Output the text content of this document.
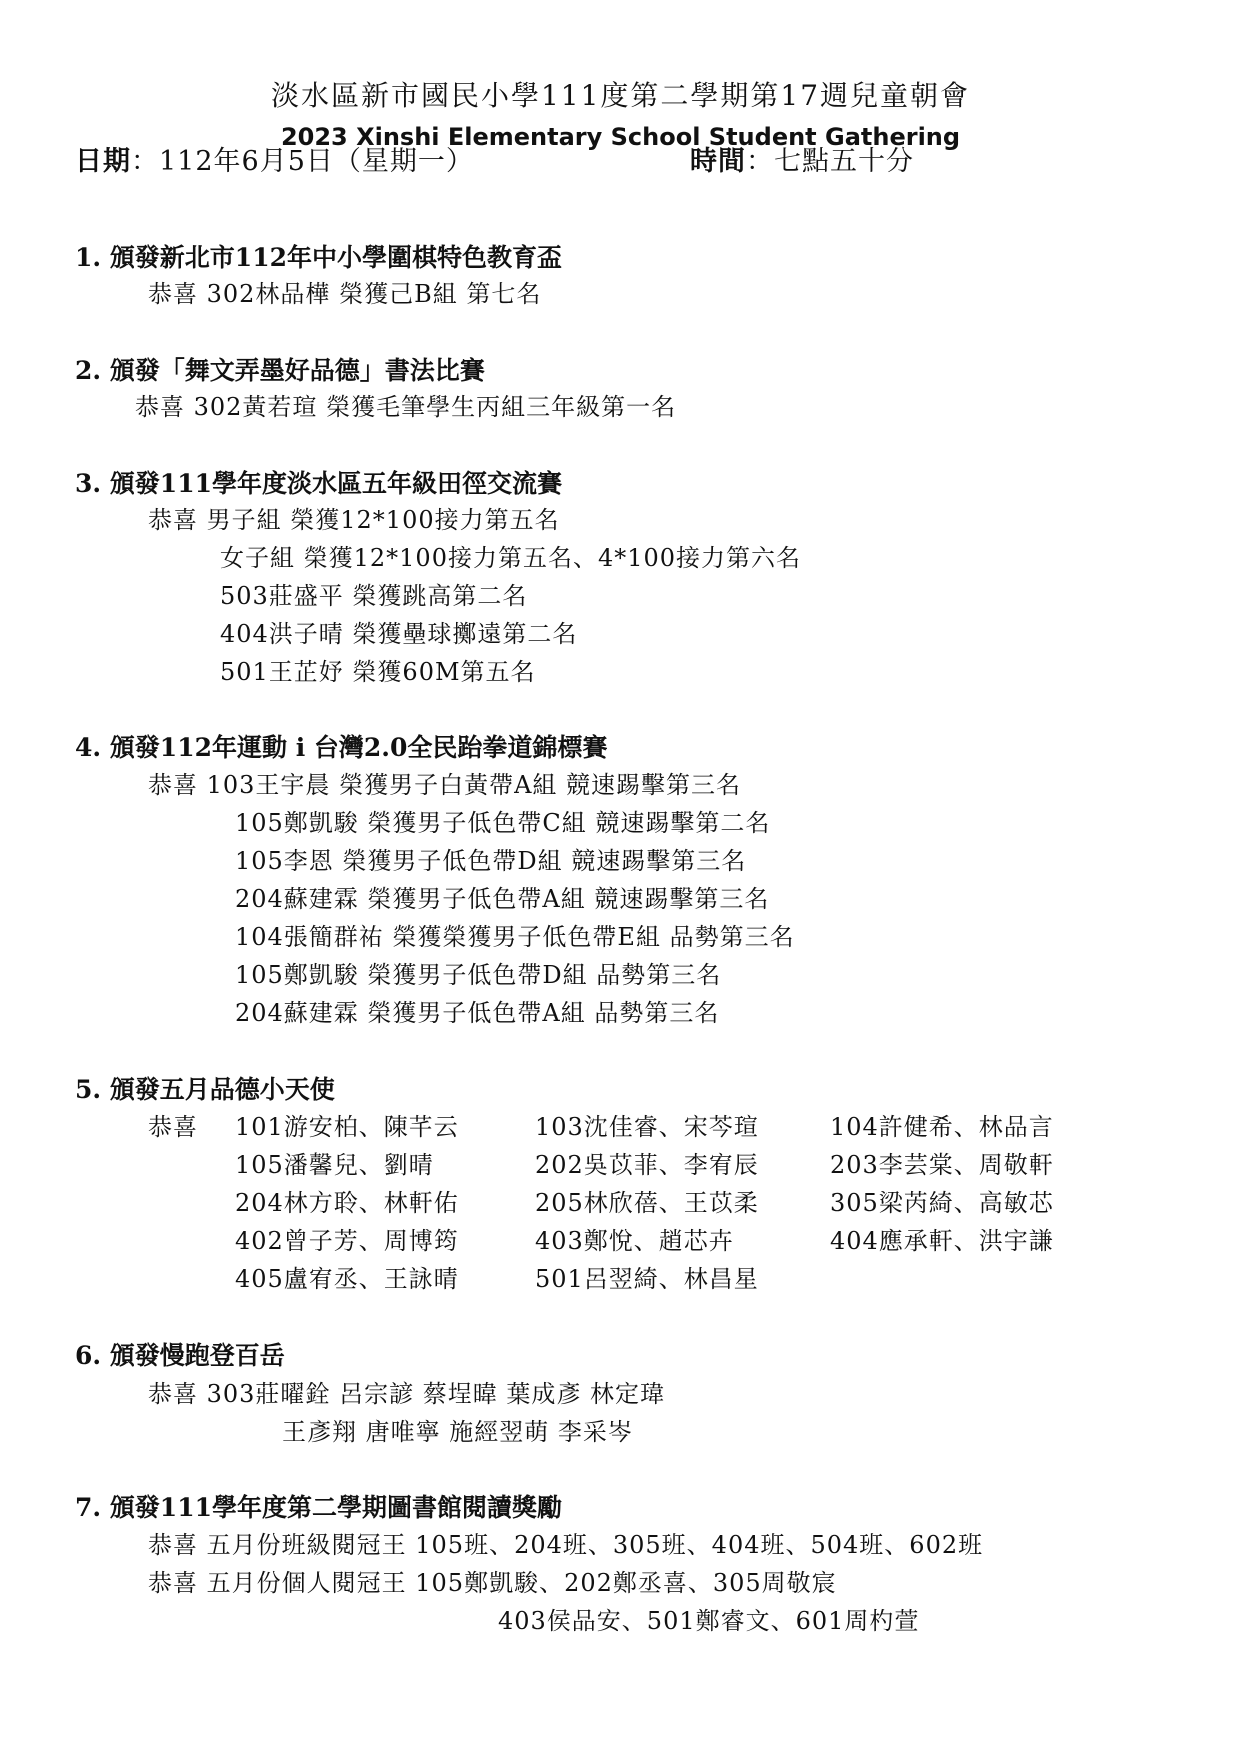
淡水區新市國民小學111度第二學期第17週兒童朝會
2023 Xinshi Elementary School Student Gathering
日期：112年6月5日（星期一）	時間：七點五十分
1. 頒發新北市112年中小學圍棋特色教育盃
恭喜 302林品樺 榮獲己B組 第七名
2. 頒發「舞文弄墨好品德」書法比賽
恭喜 302黃若瑄 榮獲毛筆學生丙組三年級第一名
3. 頒發111學年度淡水區五年級田徑交流賽
恭喜 男子組 榮獲12*100接力第五名
女子組 榮獲12*100接力第五名、4*100接力第六名
503莊盛平 榮獲跳高第二名
404洪子晴 榮獲壘球擲遠第二名
501王芷妤 榮獲60M第五名
4. 頒發112年運動 i 台灣2.0全民跆拳道錦標賽
恭喜 103王宇晨 榮獲男子白黃帶A組 競速踢擊第三名
105鄭凱駿 榮獲男子低色帶C組 競速踢擊第二名
105李恩 榮獲男子低色帶D組 競速踢擊第三名
204蘇建霖 榮獲男子低色帶A組 競速踢擊第三名
104張簡群祐 榮獲榮獲男子低色帶E組 品勢第三名
105鄭凱駿 榮獲男子低色帶D組 品勢第三名
204蘇建霖 榮獲男子低色帶A組 品勢第三名
5. 頒發五月品德小天使
恭喜 101游安柏、陳芊云	103沈佳睿、宋芩瑄	104許健希、林品言
105潘馨兒、劉晴	202吳苡菲、李宥辰	203李芸棠、周敬軒
204林方聆、林軒佑	205林欣蓓、王苡柔	305梁芮綺、高敏芯
402曾子芳、周博筠	403鄭悅、趙芯卉	404應承軒、洪宇謙
405盧宥丞、王詠晴	501呂翌綺、林昌星
6. 頒發慢跑登百岳
恭喜 303莊曜銓 呂宗諺 蔡埕暐 葉成彥 林定瑋
王彥翔 唐唯寧 施經翌萌 李采岑
7. 頒發111學年度第二學期圖書館閱讀獎勵
恭喜 五月份班級閱冠王 105班、204班、305班、404班、504班、602班
恭喜 五月份個人閱冠王 105鄭凱駿、202鄭丞喜、305周敬宸
403侯品安、501鄭睿文、601周杓萱
